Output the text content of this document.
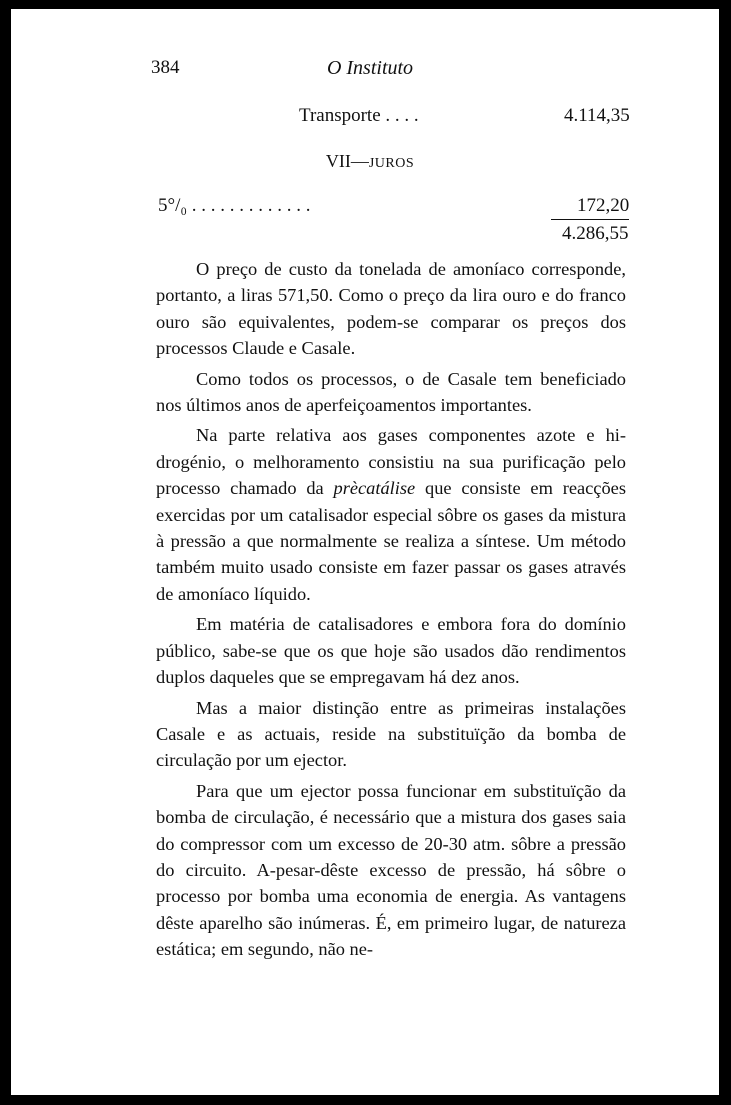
384	O Instituto
Transporte . . . .	4.114,35
VII—JUROS
5°/₀ . . . . . . . . . . . . .	172,20
4.286,55

O preço de custo da tonelada de amoníaco corresponde, portanto, a liras 571,50. Como o preço da lira ouro e do franco ouro são equivalentes, podem-se comparar os preços dos processos Claude e Casale.

Como todos os processos, o de Casale tem beneficiado nos últimos anos de aperfeiçoamentos importantes.

Na parte relativa aos gases componentes azote e hidrogénio, o melhoramento consistiu na sua purificação pelo processo chamado da prècatálise que consiste em reacções exercidas por um catalisador especial sôbre os gases da mistura à pressão a que normalmente se realiza a síntese. Um método também muito usado consiste em fazer passar os gases através de amoníaco líquido.

Em matéria de catalisadores e embora fora do domínio público, sabe-se que os que hoje são usados dão rendimentos duplos daqueles que se empregavam há dez anos.

Mas a maior distinção entre as primeiras instalações Casale e as actuais, reside na substituïção da bomba de circulação por um ejector.

Para que um ejector possa funcionar em substituïção da bomba de circulação, é necessário que a mistura dos gases saia do compressor com um excesso de 20-30 atm. sôbre a pressão do circuito. A-pesar-dêste excesso de pressão, há sôbre o processo por bomba uma economia de energia. As vantagens dêste aparelho são inúmeras. É, em primeiro lugar, de natureza estática; em segundo, não ne-
